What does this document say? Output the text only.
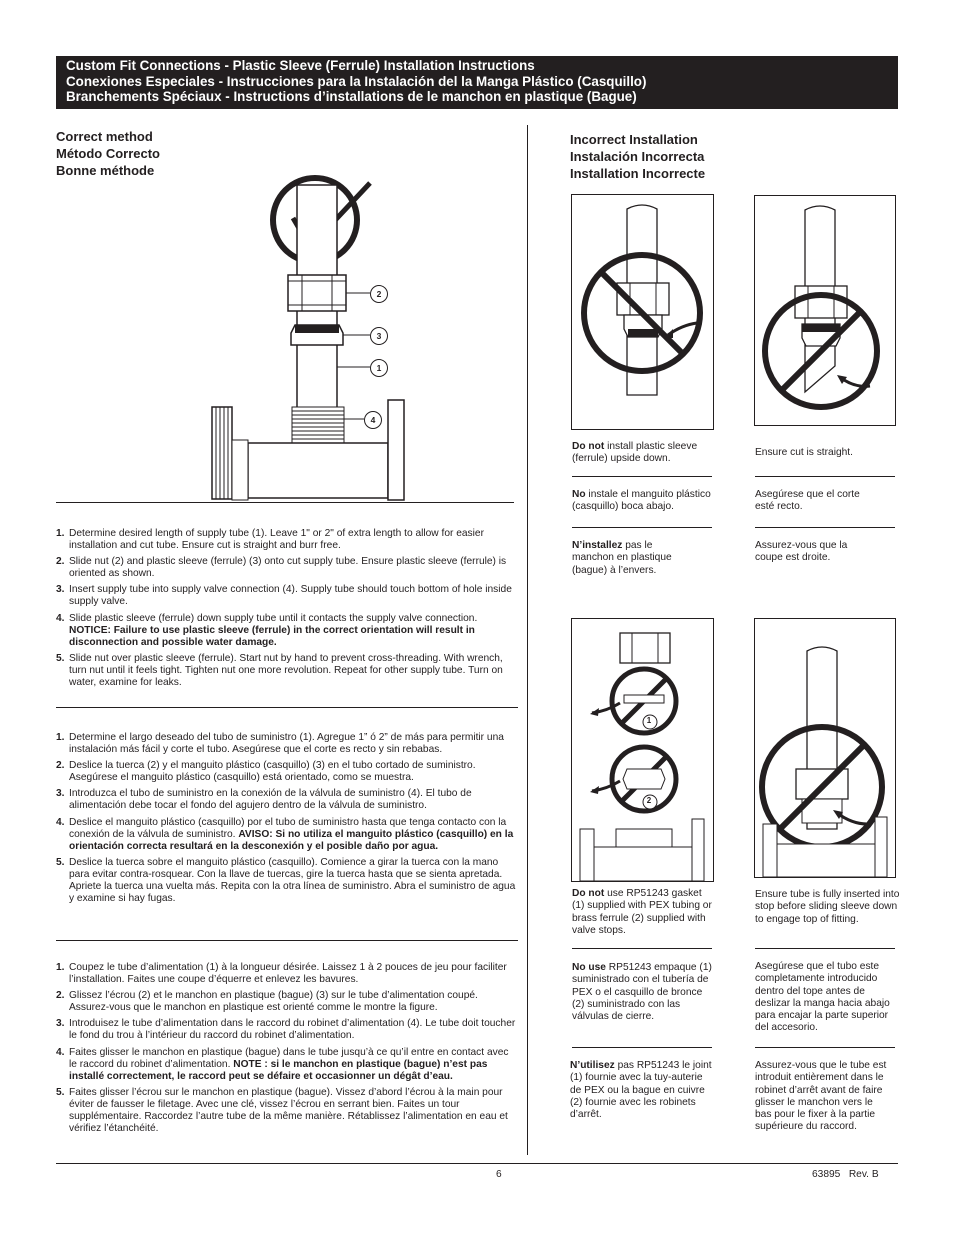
Custom Fit Connections - Plastic Sleeve (Ferrule) Installation Instructions
Conexiones Especiales - Instrucciones para la Instalación del la Manga Plástico (Casquillo)
Branchements Spéciaux - Instructions d’installations de le manchon en plastique (Bague)
Correct method
Método Correcto
Bonne méthode
2
3
1
4
1. Determine desired length of supply tube (1). Leave 1" or 2" of extra length to allow for easier installation and cut tube. Ensure cut is straight and burr free.
2. Slide nut (2) and plastic sleeve (ferrule) (3) onto cut supply tube. Ensure plastic sleeve (ferrule) is oriented as shown.
3. Insert supply tube into supply valve connection (4). Supply tube should touch bottom of hole inside supply valve.
4. Slide plastic sleeve (ferrule) down supply tube until it contacts the supply valve connection. NOTICE: Failure to use plastic sleeve (ferrule) in the correct orientation will result in disconnection and possible water damage.
5. Slide nut over plastic sleeve (ferrule). Start nut by hand to prevent cross-threading. With wrench, turn nut until it feels tight. Tighten nut one more revolution. Repeat for other supply tube. Turn on water, examine for leaks.
1. Determine el largo deseado del tubo de suministro (1). Agregue 1” ó 2” de más para permitir una instalación más fácil y corte el tubo. Asegúrese que el corte es recto y sin rebabas.
2. Deslice la tuerca (2) y el manguito plástico (casquillo) (3) en el tubo cortado de suministro. Asegúrese el manguito plástico (casquillo) está orientado, como se muestra.
3. Introduzca el tubo de suministro en la conexión de la válvula de suministro (4). El tubo de alimentación debe tocar el fondo del agujero dentro de la válvula de suministro.
4. Deslice el manguito plástico (casquillo) por el tubo de suministro hasta que tenga contacto con la conexión de la válvula de suministro. AVISO: Si no utiliza el manguito plástico (casquillo) en la orientación correcta resultará en la desconexión y el posible daño por agua.
5. Deslice la tuerca sobre el manguito plástico (casquillo). Comience a girar la tuerca con la mano para evitar contra-rosquear. Con la llave de tuercas, gire la tuerca hasta que se sienta apretada. Apriete la tuerca una vuelta más. Repita con la otra línea de suministro. Abra el suministro de agua y examine si hay fugas.
1. Coupez le tube d’alimentation (1) à la longueur désirée. Laissez 1 à 2 pouces de jeu pour faciliter l’installation. Faites une coupe d’équerre et enlevez les bavures.
2. Glissez l’écrou (2) et le manchon en plastique (bague) (3) sur le tube d’alimentation coupé. Assurez-vous que le manchon en plastique est orienté comme le montre la figure.
3. Introduisez le tube d’alimentation dans le raccord du robinet d’alimentation (4). Le tube doit toucher le fond du trou à l’intérieur du raccord du robinet d’alimentation.
4. Faites glisser le manchon en plastique (bague) dans le tube jusqu’à ce qu’il entre en contact avec le raccord du robinet d’alimentation. NOTE : si le manchon en plastique (bague) n’est pas installé correctement, le raccord peut se défaire et occasionner un dégât d’eau.
5. Faites glisser l’écrou sur le manchon en plastique (bague). Vissez d’abord l’écrou à la main pour éviter de fausser le filetage. Avec une clé, vissez l’écrou en serrant bien. Faites un tour supplémentaire. Raccordez l’autre tube de la même manière. Rétablissez l’alimentation en eau et vérifiez l’étanchéité.
Incorrect Installation
Instalación Incorrecta
Installation Incorrecte
Do not install plastic sleeve (ferrule) upside down.
No instale el manguito plástico (casquillo) boca abajo.
N’installez pas le manchon en plastique (bague) à l’envers.
Ensure cut is straight.
Asegúrese que el corte esté recto.
Assurez-vous que la coupe est droite.
1
2
Do not use RP51243 gasket (1) supplied with PEX tubing or brass ferrule (2) supplied with valve stops.
No use RP51243 empaque (1) suministrado con el tubería de PEX o el casquillo de bronce (2) suministrado con las válvulas de cierre.
N’utilisez pas RP51243 le joint (1) fournie avec la tuy-auterie de PEX ou la bague en cuivre (2) fournie avec les robinets d’arrêt.
Ensure tube is fully inserted into stop before sliding sleeve down to engage top of fitting.
Asegúrese que el tubo este completamente introducido dentro del tope antes de deslizar la manga hacia abajo para encajar la parte superior del accesorio.
Assurez-vous que le tube est introduit entièrement dans le robinet d’arrêt avant de faire glisser le manchon vers le bas pour le fixer à la partie supérieure du raccord.
6	63895   Rev. B
